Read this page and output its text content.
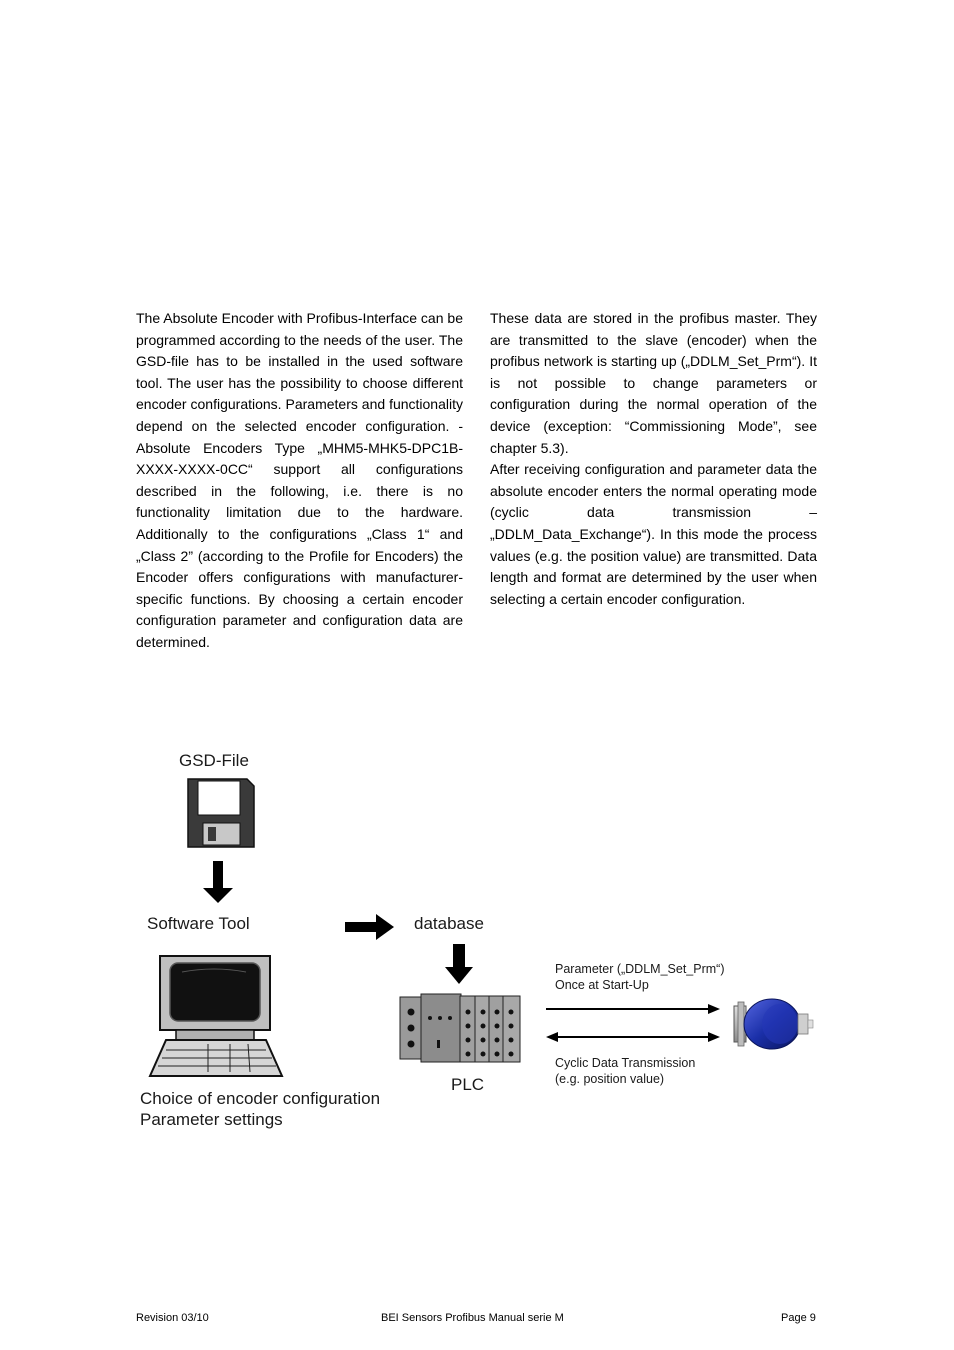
The Absolute Encoder with Profibus-Interface can be programmed according to the needs of the user. The GSD-file has to be installed in the used software tool. The user has the possibility to choose different encoder configurations. Parameters and functionality depend on the selected encoder configuration. -Absolute Encoders Type „MHM5-MHK5-DPC1B-XXXX-XXXX-0CC“ support all configurations described in the following, i.e. there is no functionality limitation due to the hardware. Additionally to the configurations „Class 1“ and „Class 2” (according to the Profile for Encoders) the Encoder offers configurations with manufacturer-specific functions. By choosing a certain encoder configuration parameter and configuration data are determined.

These data are stored in the profibus master. They are transmitted to the slave (encoder) when the profibus network is starting up („DDLM_Set_Prm“). It is not possible to change parameters or configuration during the normal operation of the device (exception: “Commissioning Mode”, see chapter 5.3).

After receiving configuration and parameter data the absolute encoder enters the normal operating mode (cyclic data transmission – „DDLM_Data_Exchange“). In this mode the process values (e.g. the position value) are transmitted. Data length and format are determined by the user when selecting a certain encoder configuration.

GSD-File
Software Tool	database
PLC
Choice of encoder configuration
Parameter settings
Parameter („DDLM_Set_Prm“)
Once at Start-Up
Cyclic Data Transmission
(e.g. position value)
Revision 03/10	BEI Sensors Profibus Manual serie M	Page 9
